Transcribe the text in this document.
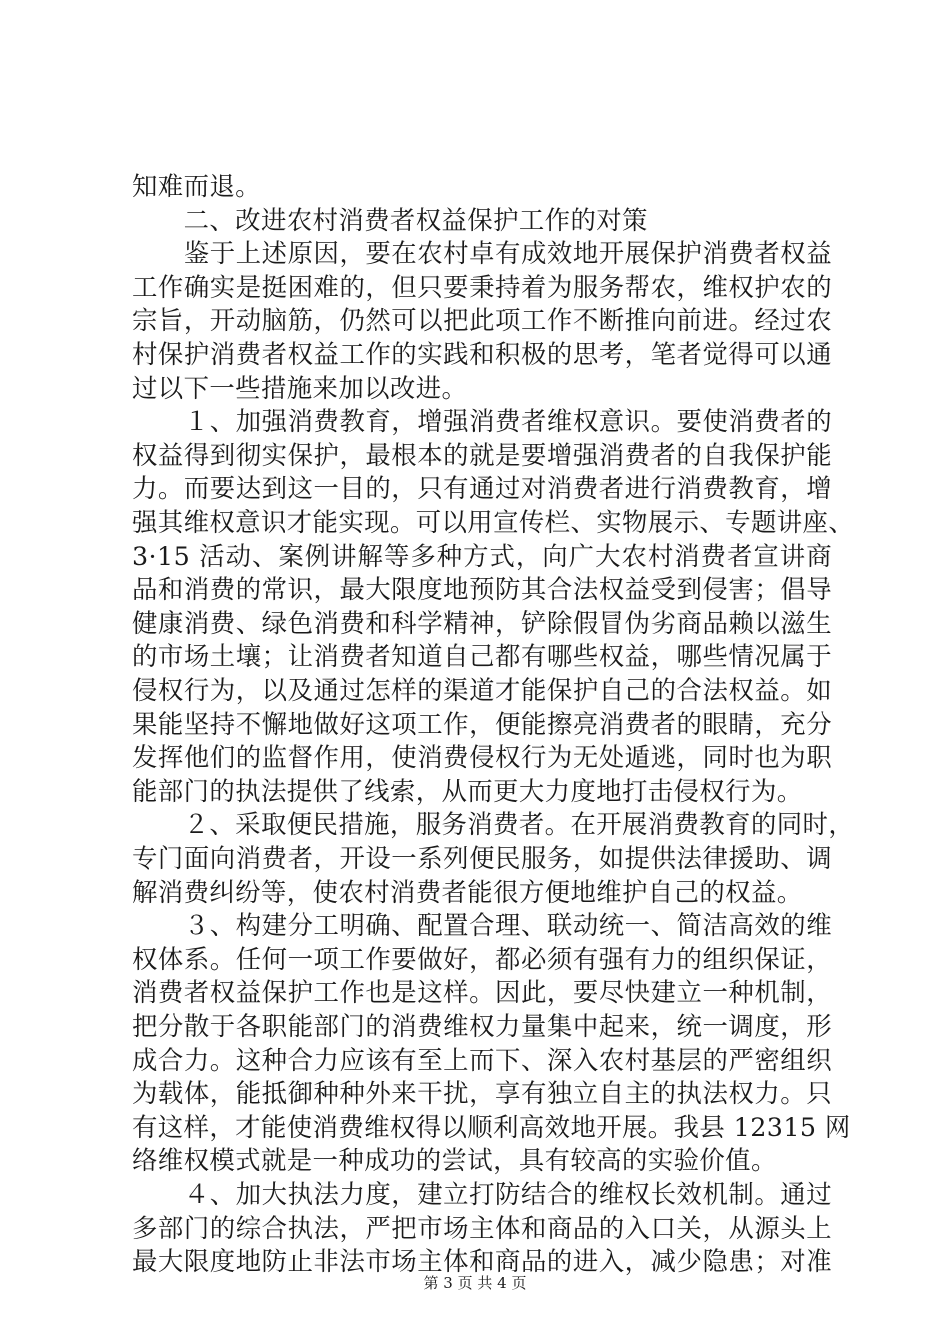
知难而退。
　　二、改进农村消费者权益保护工作的对策
　　鉴于上述原因，要在农村卓有成效地开展保护消费者权益
工作确实是挺困难的，但只要秉持着为服务帮农，维权护农的
宗旨，开动脑筋，仍然可以把此项工作不断推向前进。经过农
村保护消费者权益工作的实践和积极的思考，笔者觉得可以通
过以下一些措施来加以改进。
　　１、加强消费教育，增强消费者维权意识。要使消费者的
权益得到彻实保护，最根本的就是要增强消费者的自我保护能
力。而要达到这一目的，只有通过对消费者进行消费教育，增
强其维权意识才能实现。可以用宣传栏、实物展示、专题讲座、
3·15 活动、案例讲解等多种方式，向广大农村消费者宣讲商
品和消费的常识，最大限度地预防其合法权益受到侵害；倡导
健康消费、绿色消费和科学精神，铲除假冒伪劣商品赖以滋生
的市场土壤；让消费者知道自己都有哪些权益，哪些情况属于
侵权行为，以及通过怎样的渠道才能保护自己的合法权益。如
果能坚持不懈地做好这项工作，便能擦亮消费者的眼睛，充分
发挥他们的监督作用，使消费侵权行为无处遁逃，同时也为职
能部门的执法提供了线索，从而更大力度地打击侵权行为。
　　２、采取便民措施，服务消费者。在开展消费教育的同时，
专门面向消费者，开设一系列便民服务，如提供法律援助、调
解消费纠纷等，使农村消费者能很方便地维护自己的权益。
　　３、构建分工明确、配置合理、联动统一、简洁高效的维
权体系。任何一项工作要做好，都必须有强有力的组织保证，
消费者权益保护工作也是这样。因此，要尽快建立一种机制，
把分散于各职能部门的消费维权力量集中起来，统一调度，形
成合力。这种合力应该有至上而下、深入农村基层的严密组织
为载体，能抵御种种外来干扰，享有独立自主的执法权力。只
有这样，才能使消费维权得以顺利高效地开展。我县 12315 网
络维权模式就是一种成功的尝试，具有较高的实验价值。
　　４、加大执法力度，建立打防结合的维权长效机制。通过
多部门的综合执法，严把市场主体和商品的入口关，从源头上
最大限度地防止非法市场主体和商品的进入，减少隐患；对准
第 3 页 共 4 页
